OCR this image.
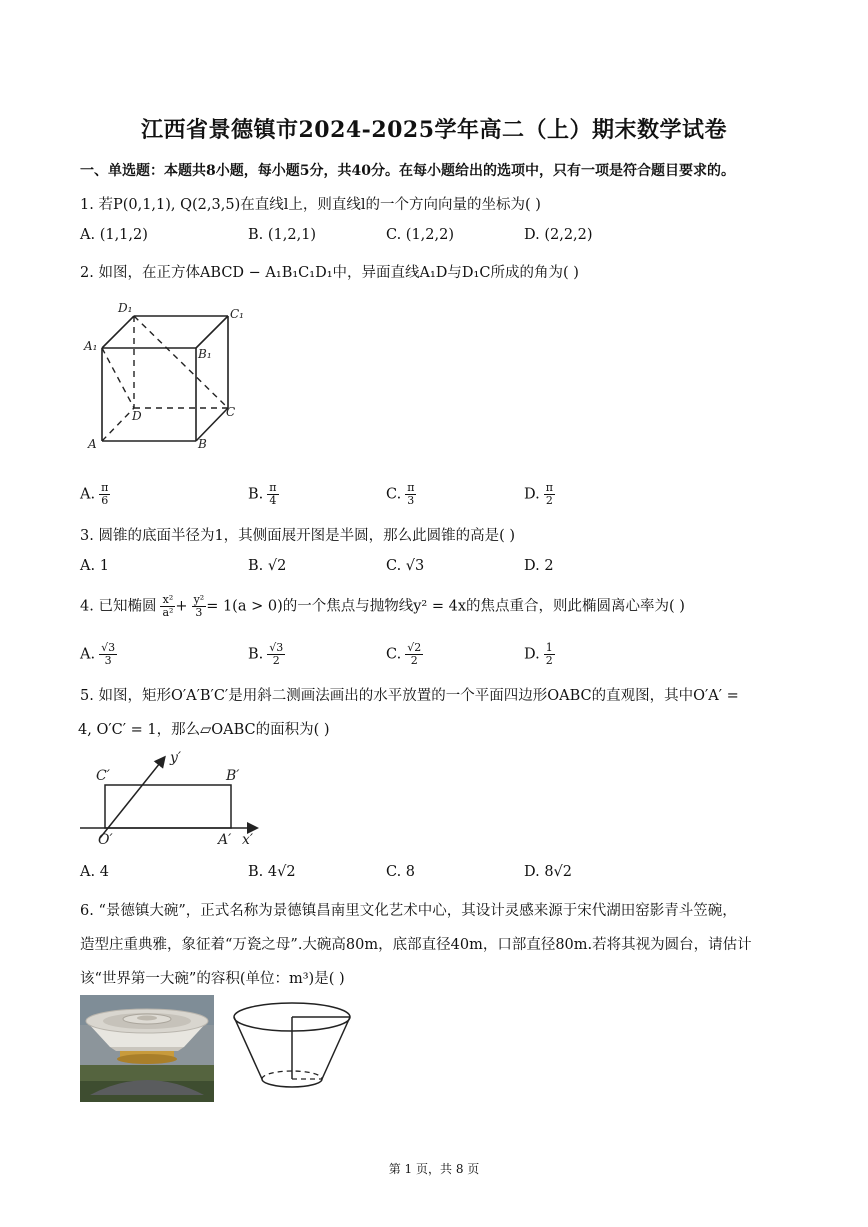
江西省景德镇市2024-2025学年高二（上）期末数学试卷
一、单选题：本题共8小题，每小题5分，共40分。在每小题给出的选项中，只有一项是符合题目要求的。
1. 若P(0,1,1), Q(2,3,5)在直线l上，则直线l的一个方向向量的坐标为( )
A. (1,1,2)	B. (1,2,1)	C. (1,2,2)	D. (2,2,2)
2. 如图，在正方体ABCD − A₁B₁C₁D₁中，异面直线A₁D与D₁C所成的角为( )
D₁	C₁
A₁
B₁
D	C
A	B
A. $\frac{\pi}{6}$	B. $\frac{\pi}{4}$	C. $\frac{\pi}{3}$	D. $\frac{\pi}{2}$
3. 圆锥的底面半径为1，其侧面展开图是半圆，那么此圆锥的高是( )
A. 1	B. √2	C. √3	D. 2
4. 已知椭圆 $\frac{\text{x²}}{\text{a²}} + \frac{\text{y²}}{3} = 1(a > 0)$的一个焦点与抛物线y² = 4x的焦点重合，则此椭圆离心率为( )
A. $\frac{√3}{3}$	B. $\frac{√3}{2}$	C. $\frac{√2}{2}$	D. $\frac{1}{2}$
5. 如图，矩形O′A′B′C′是用斜二测画法画出的水平放置的一个平面四边形OABC的直观图，其中O′A′ =
4, O′C′ = 1，那么▱OABC的面积为( )
C′	B′
y′
O′	A′ x′
A. 4	B. 4√2	C. 8	D. 8√2
6. “景德镇大碗”，正式名称为景德镇昌南里文化艺术中心，其设计灵感来源于宋代湖田窑影青斗笠碗，
造型庄重典雅，象征着“万瓷之母”.大碗高80m，底部直径40m，口部直径80m.若将其视为圆台，请估计
该“世界第一大碗”的容积(单位：m³)是( )
第 1 页，共 8 页
